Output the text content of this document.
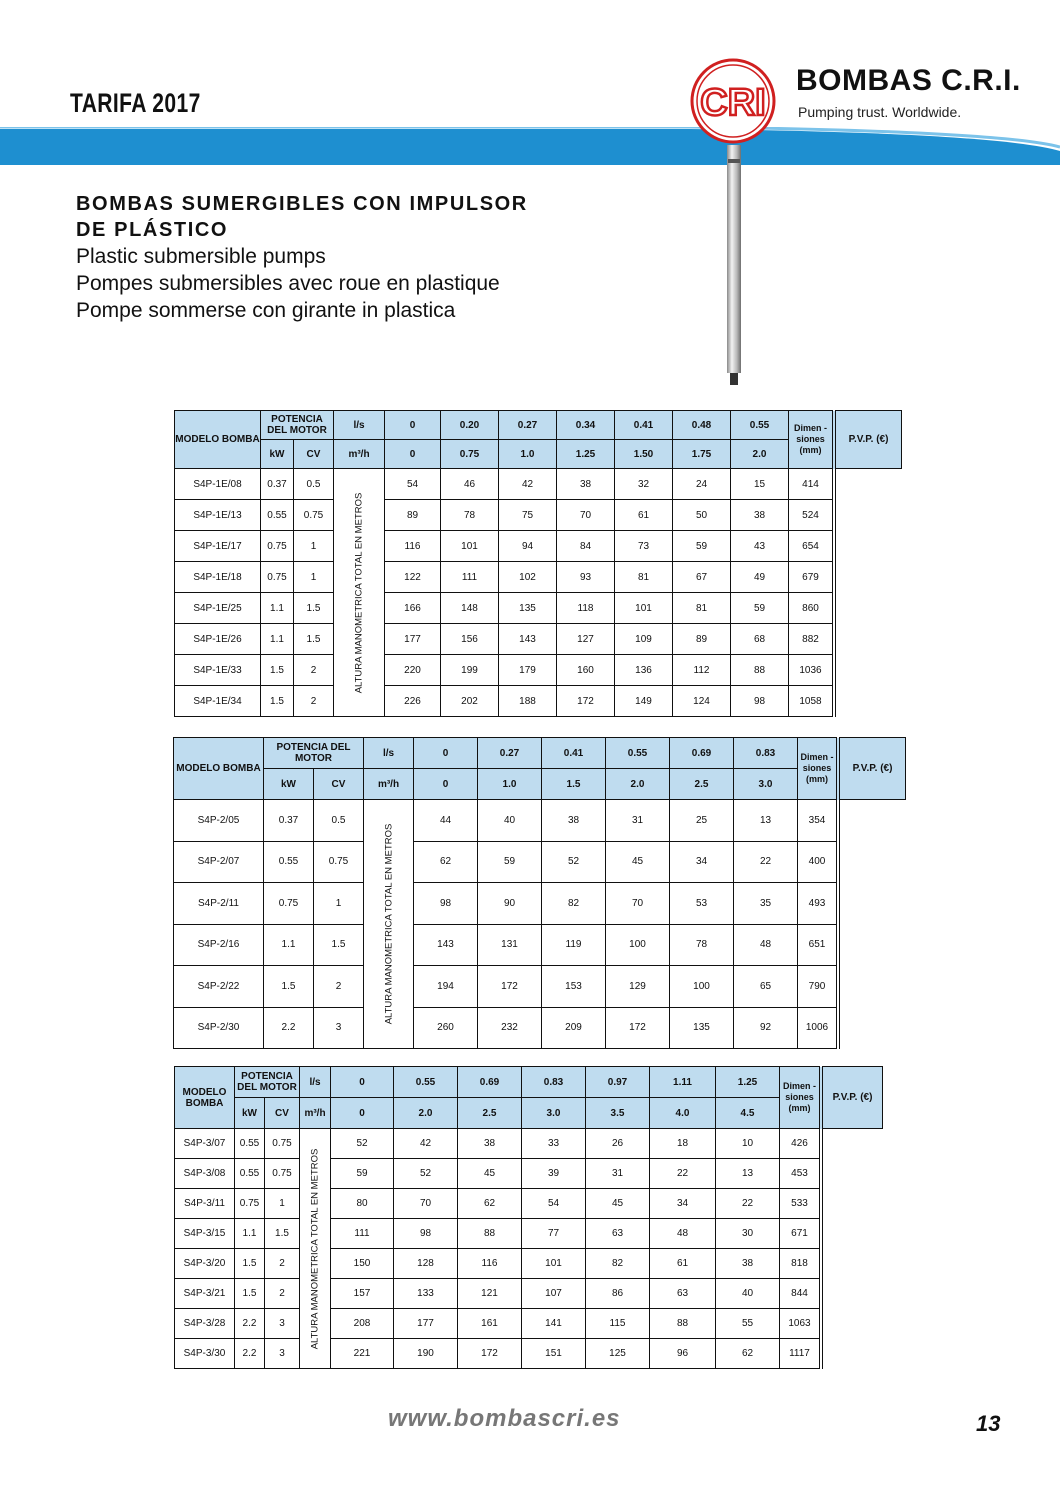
TARIFA 2017	CRI
BOMBAS C.R.I.
Pumping trust. Worldwide.
BOMBAS SUMERGIBLES CON IMPULSOR
DE PLÁSTICO
Plastic submersible pumps
Pompes submersibles avec roue en plastique
Pompe sommerse con girante in plastica
MODELO BOMBA	POTENCIA DEL MOTOR		l/s	0	0.20	0.27	0.34	0.41	0.48	0.55	Dimen -siones (mm)		P.V.P. (€)
	kW	CV	m³/h	0	0.75	1.0	1.25	1.50	1.75	2.0			
S4P-1E/08	0.37	0.5	ALTURA MANOMETRICA TOTAL EN METROS	54	46	42	38	32	24	15	414		
S4P-1E/13	0.55	0.75		89	78	75	70	61	50	38	524		
S4P-1E/17	0.75	1		116	101	94	84	73	59	43	654		
S4P-1E/18	0.75	1		122	111	102	93	81	67	49	679		
S4P-1E/25	1.1	1.5		166	148	135	118	101	81	59	860		
S4P-1E/26	1.1	1.5		177	156	143	127	109	89	68	882		
S4P-1E/33	1.5	2		220	199	179	160	136	112	88	1036		
S4P-1E/34	1.5	2		226	202	188	172	149	124	98	1058		
MODELO BOMBA	POTENCIA DEL MOTOR		l/s	0	0.27	0.41	0.55	0.69	0.83	Dimen -siones (mm)		P.V.P. (€)
	kW	CV	m³/h	0	1.0	1.5	2.0	2.5	3.0			
S4P-2/05	0.37	0.5	ALTURA MANOMETRICA TOTAL EN METROS	44	40	38	31	25	13	354		
S4P-2/07	0.55	0.75		62	59	52	45	34	22	400		
S4P-2/11	0.75	1		98	90	82	70	53	35	493		
S4P-2/16	1.1	1.5		143	131	119	100	78	48	651		
S4P-2/22	1.5	2		194	172	153	129	100	65	790		
S4P-2/30	2.2	3		260	232	209	172	135	92	1006		
MODELO BOMBA	POTENCIA DEL MOTOR		l/s	0	0.55	0.69	0.83	0.97	1.11	1.25	Dimen -siones (mm)		P.V.P. (€)
	kW	CV	m³/h	0	2.0	2.5	3.0	3.5	4.0	4.5			
S4P-3/07	0.55	0.75	ALTURA MANOMETRICA TOTAL EN METROS	52	42	38	33	26	18	10	426		
S4P-3/08	0.55	0.75		59	52	45	39	31	22	13	453		
S4P-3/11	0.75	1		80	70	62	54	45	34	22	533		
S4P-3/15	1.1	1.5		111	98	88	77	63	48	30	671		
S4P-3/20	1.5	2		150	128	116	101	82	61	38	818		
S4P-3/21	1.5	2		157	133	121	107	86	63	40	844		
S4P-3/28	2.2	3		208	177	161	141	115	88	55	1063		
S4P-3/30	2.2	3		221	190	172	151	125	96	62	1117		
www.bombascri.es	13
